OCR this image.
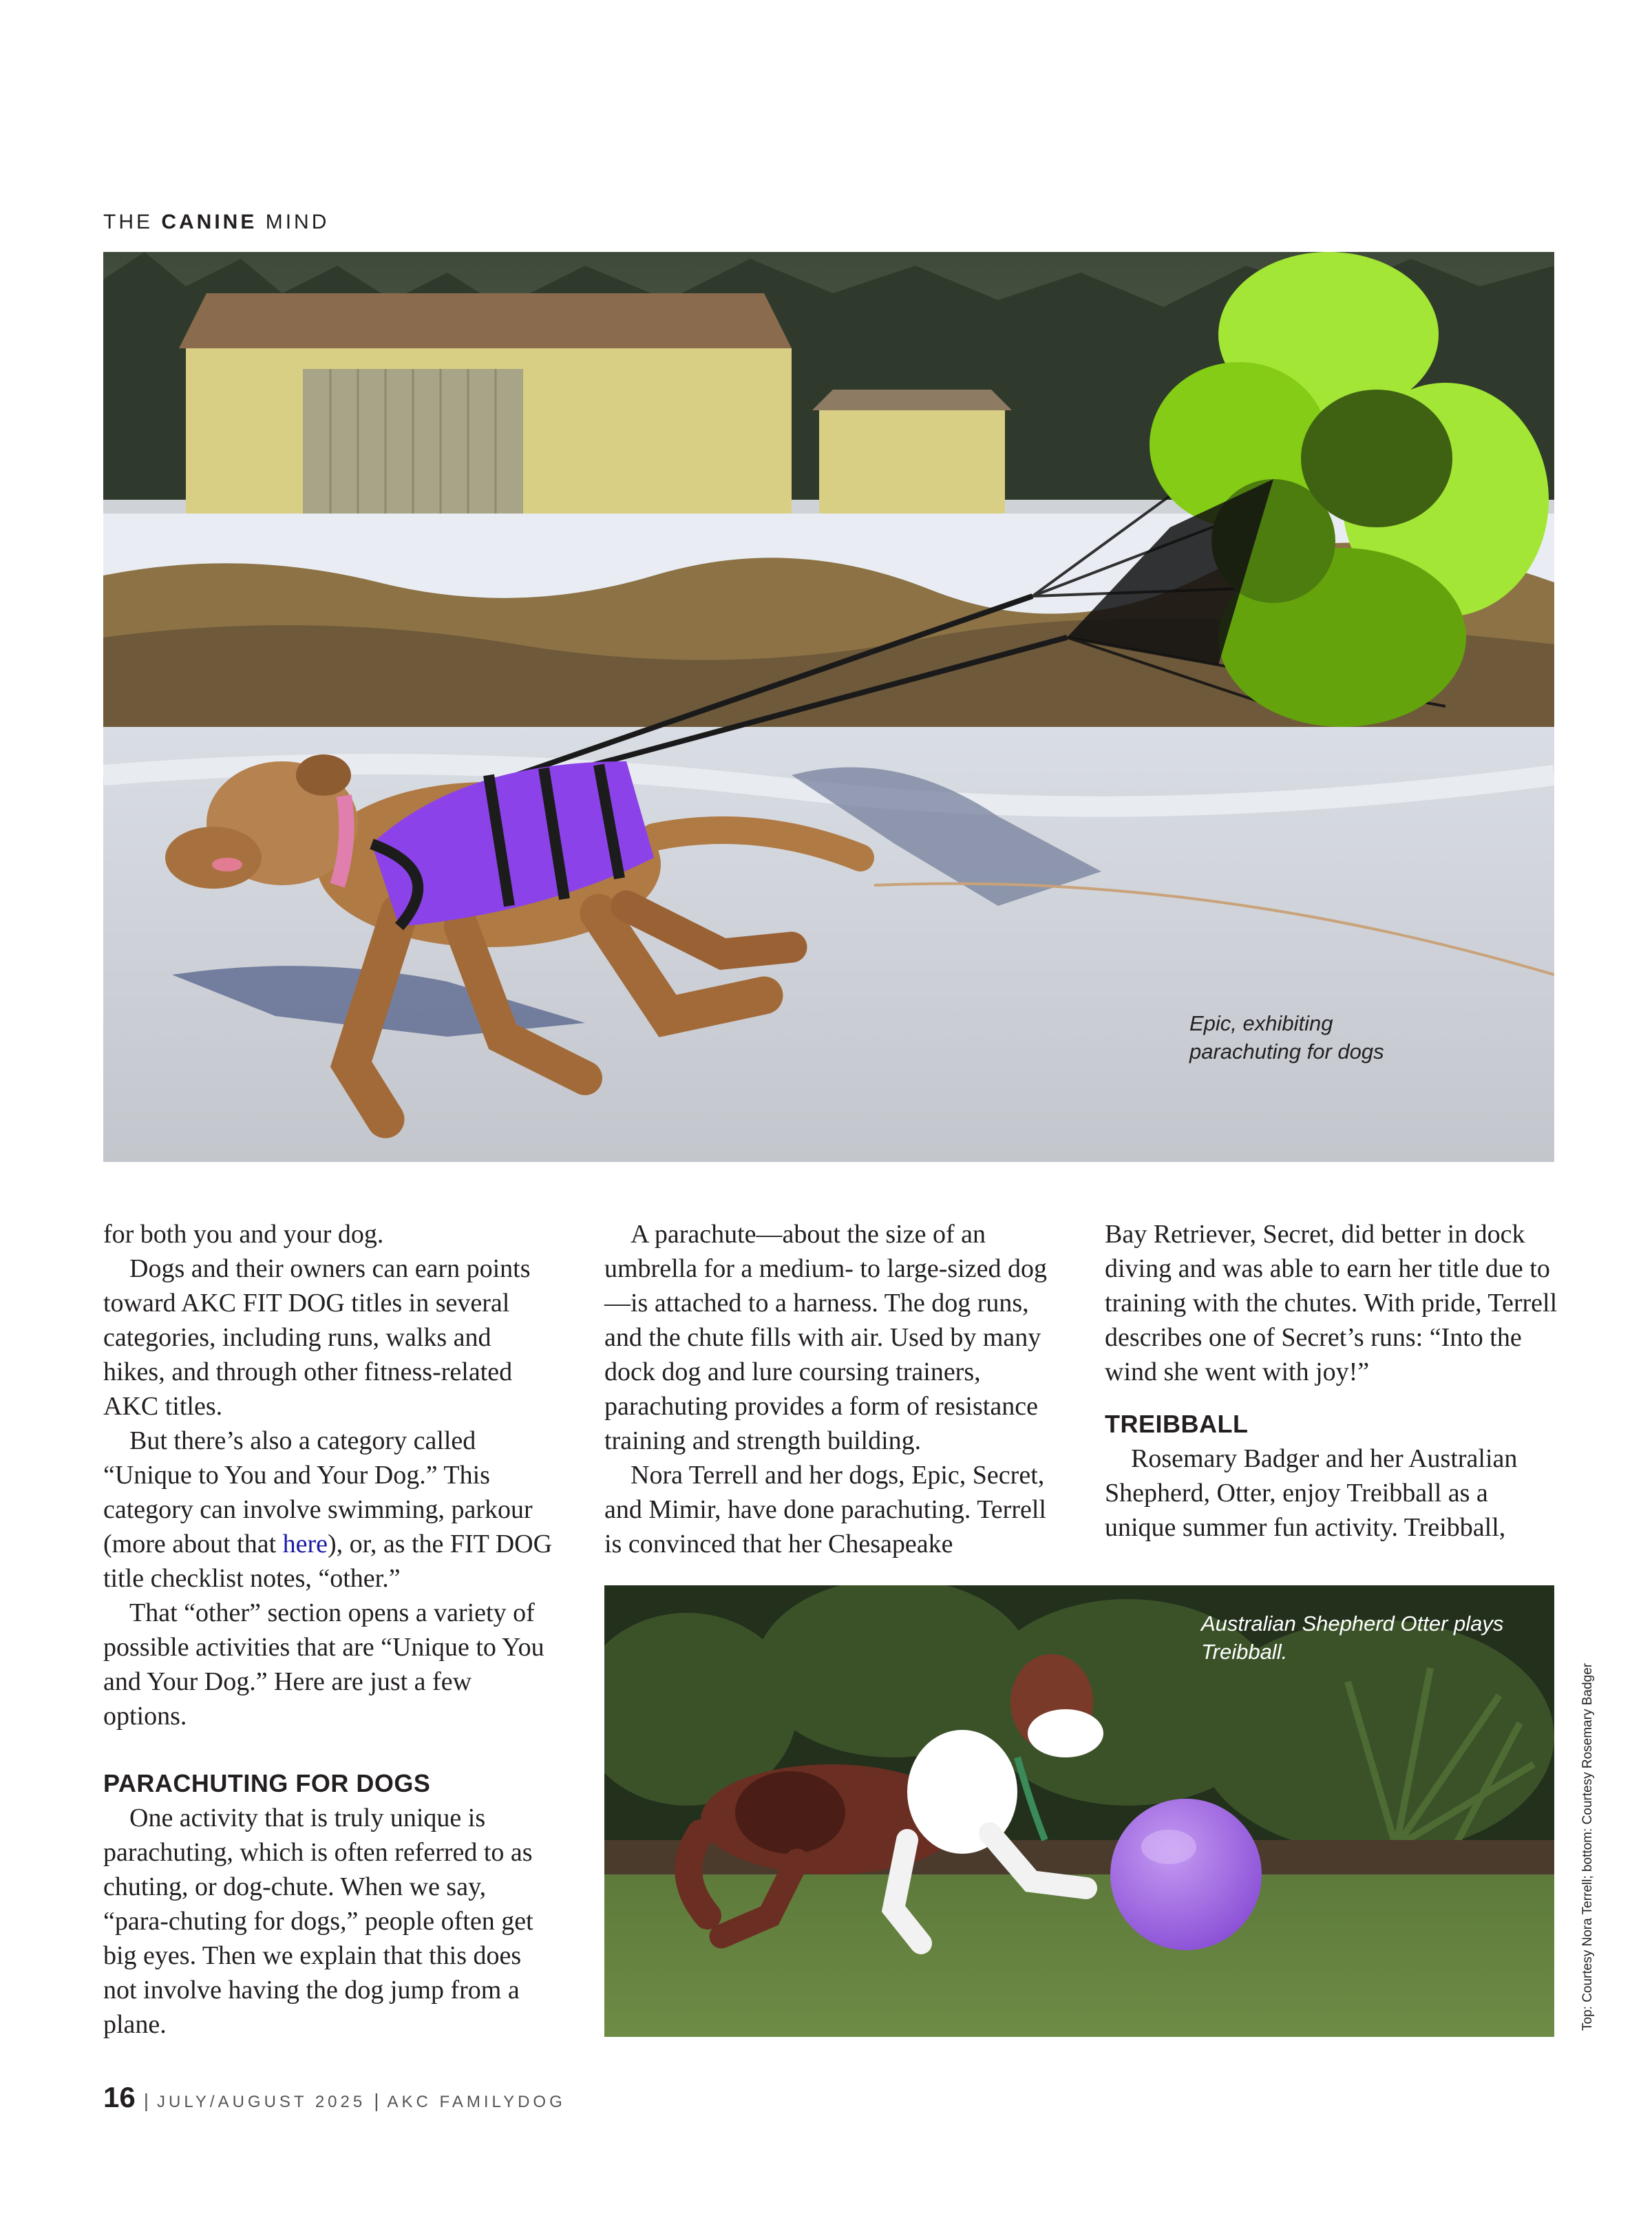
THE CANINE MIND
Epic, exhibiting
parachuting for dogs

for both you and your dog.

Dogs and their owners can earn points toward AKC FIT DOG titles in several categories, including runs, walks and hikes, and through other fitness-related AKC titles.

But there’s also a category called “Unique to You and Your Dog.” This category can involve swimming, parkour (more about that here), or, as the FIT DOG title checklist notes, “other.”

That “other” section opens a variety of possible activities that are “Unique to You and Your Dog.” Here are just a few options.

PARACHUTING FOR DOGS

One activity that is truly unique is parachuting, which is often referred to as chuting, or dog-chute. When we say, “para-chuting for dogs,” people often get big eyes. Then we explain that this does not involve having the dog jump from a plane.

A parachute—about the size of an umbrella for a medium- to large-sized dog—is attached to a harness. The dog runs, and the chute fills with air. Used by many dock dog and lure coursing trainers, parachuting provides a form of resistance training and strength building.

Nora Terrell and her dogs, Epic, Secret, and Mimir, have done parachuting. Terrell is convinced that her Chesapeake

Bay Retriever, Secret, did better in dock diving and was able to earn her title due to training with the chutes. With pride, Terrell describes one of Secret’s runs: “Into the wind she went with joy!”

TREIBBALL

Rosemary Badger and her Australian Shepherd, Otter, enjoy Treibball as a unique summer fun activity. Treibball,

Australian Shepherd Otter plays
Treibball.
Top: Courtesy Nora Terrell; bottom: Courtesy Rosemary Badger
16 | JULY/AUGUST 2025 | AKC FAMILYDOG
